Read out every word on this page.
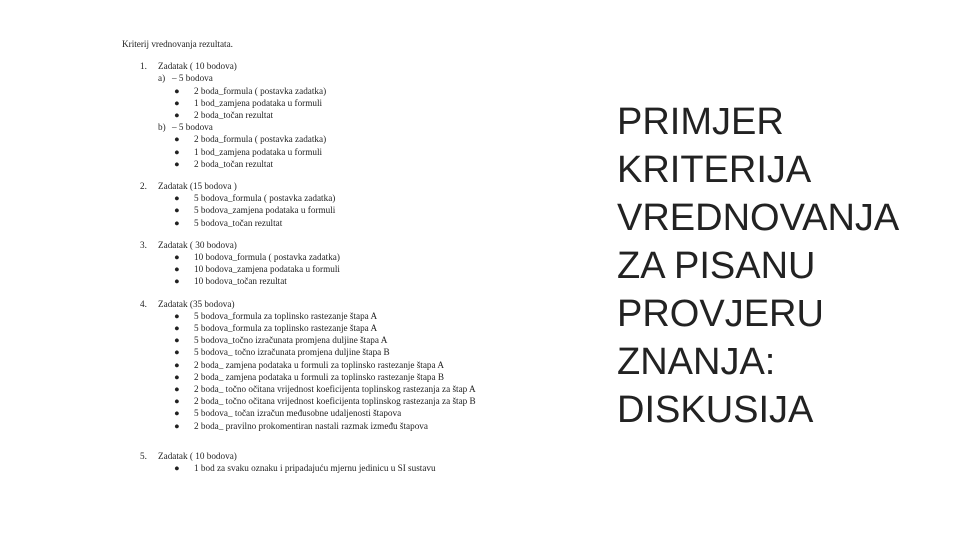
Kriterij vrednovanja rezultata.
1.	Zadatak ( 10 bodova)
a) – 5 bodova
●	2 boda_formula ( postavka zadatka)
●	1 bod_zamjena podataka u formuli
●	2 boda_točan rezultat
b) – 5 bodova
●	2 boda_formula ( postavka zadatka)
●	1 bod_zamjena podataka u formuli
●	2 boda_točan rezultat
2.	Zadatak (15 bodova )
●	5 bodova_formula ( postavka zadatka)
●	5 bodova_zamjena podataka u formuli
●	5 bodova_točan rezultat
3.	Zadatak ( 30 bodova)
●	10 bodova_formula ( postavka zadatka)
●	10 bodova_zamjena podataka u formuli
●	10 bodova_točan rezultat
4.	Zadatak (35 bodova)
●	5 bodova_formula za toplinsko rastezanje štapa A
●	5 bodova_formula za toplinsko rastezanje štapa A
●	5 bodova_točno izračunata promjena duljine štapa A
●	5 bodova_ točno izračunata promjena duljine štapa B
●	2 boda_ zamjena podataka u formuli za toplinsko rastezanje štapa A
●	2 boda_ zamjena podataka u formuli za toplinsko rastezanje štapa B
●	2 boda_ točno očitana vrijednost koeficijenta toplinskog rastezanja za štap A
●	2 boda_ točno očitana vrijednost koeficijenta toplinskog rastezanja za štap B
●	5 bodova_ točan izračun međusobne udaljenosti štapova
●	2 boda_ pravilno prokomentiran nastali razmak između štapova
5.	Zadatak ( 10 bodova)
●	1 bod za svaku oznaku i pripadajuću mjernu jedinicu u SI sustavu
PRIMJER
KRITERIJA
VREDNOVANJA
ZA PISANU
PROVJERU
ZNANJA:
DISKUSIJA
